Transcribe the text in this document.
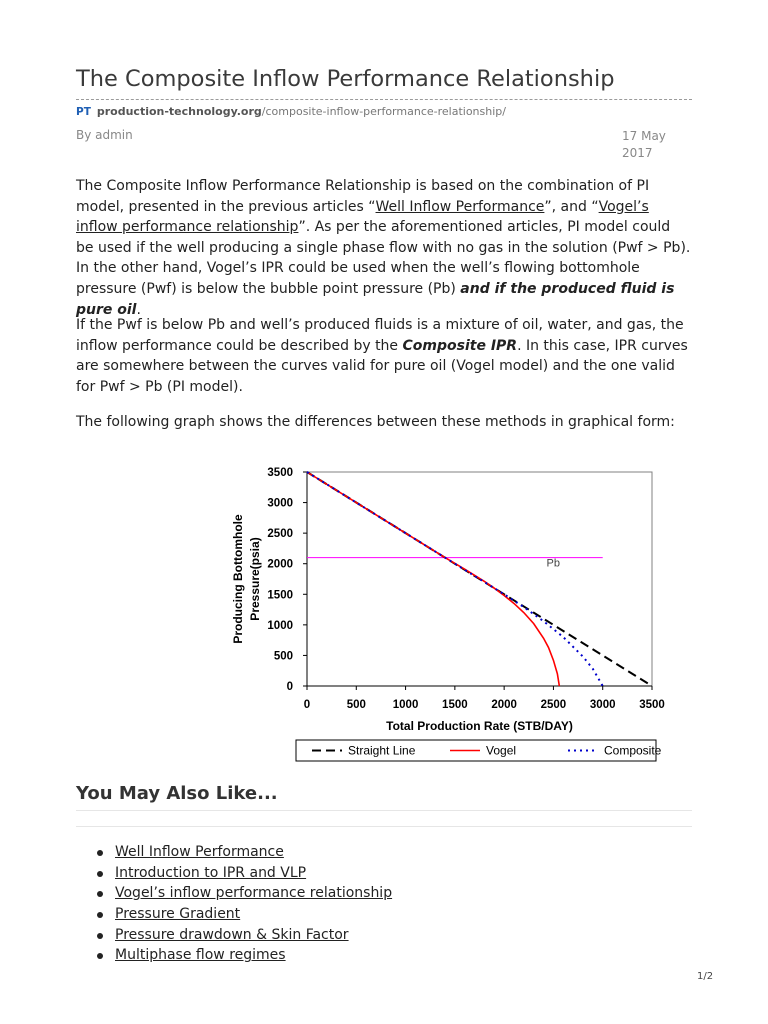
The Composite Inflow Performance Relationship
PT production-technology.org/composite-inflow-performance-relationship/
By admin	17 May
2017

The Composite Inflow Performance Relationship is based on the combination of PI model, presented in the previous articles “Well Inflow Performance”, and “Vogel’s inflow performance relationship”. As per the aforementioned articles, PI model could be used if the well producing a single phase flow with no gas in the solution (Pwf > Pb). In the other hand, Vogel’s IPR could be used when the well’s flowing bottomhole pressure (Pwf) is below the bubble point pressure (Pb) and if the produced fluid is pure oil.

If the Pwf is below Pb and well’s produced fluids is a mixture of oil, water, and gas, the inflow performance could be described by the Composite IPR. In this case, IPR curves are somewhere between the curves valid for pure oil (Vogel model) and the one valid for Pwf > Pb (PI model).

The following graph shows the differences between these methods in graphical form:

0
500
1000
1500
2000
2500
3000
3500
0	500 1000 1500 2000 2500 3000 3500
Total Production Rate (STB/DAY)
Producing Bottomhole Pressure(psia)	Pb
Straight Line	Vogel	Composite
You May Also Like...
Well Inflow Performance
Introduction to IPR and VLP
Vogel’s inflow performance relationship
Pressure Gradient
Pressure drawdown & Skin Factor
Multiphase flow regimes
1/2
